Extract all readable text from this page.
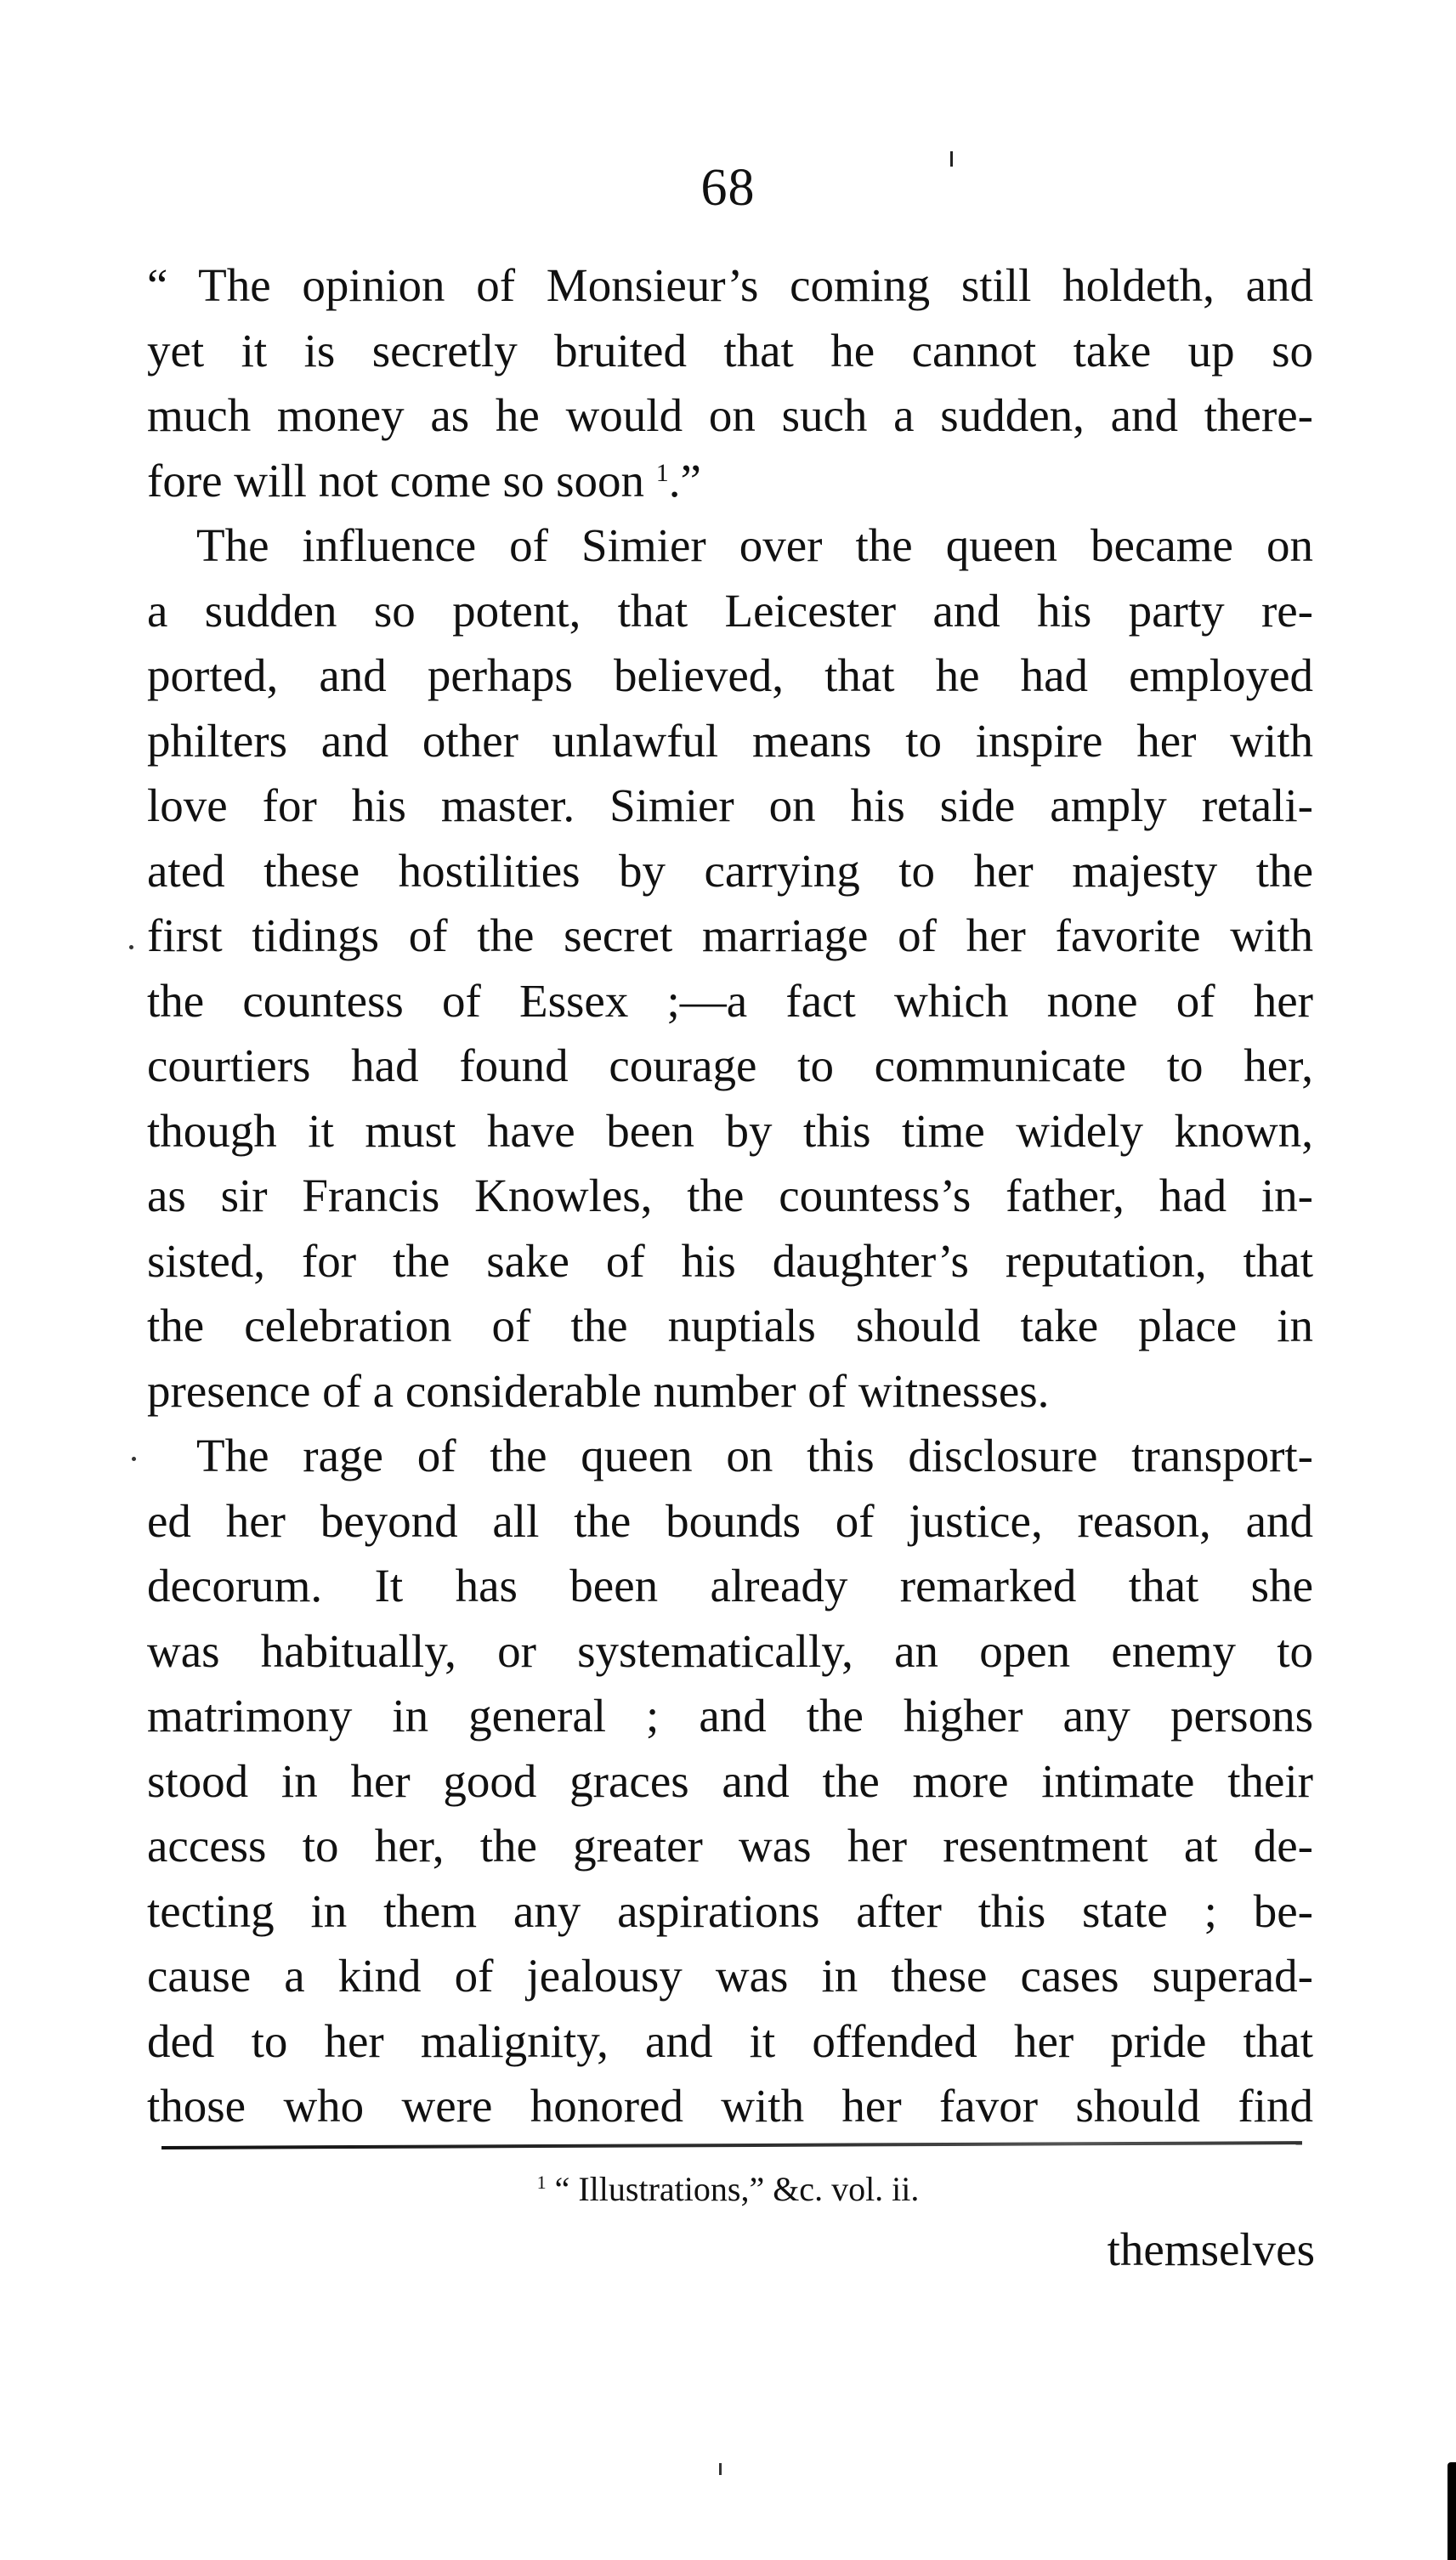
68
“ The opinion of Monsieur’s coming still holdeth, and
yet it is secretly bruited that he cannot take up so
much money as he would on such a sudden, and there-
fore will not come so soon $^1$.”
The influence of Simier over the queen became on
a sudden so potent, that Leicester and his party re-
ported, and perhaps believed, that he had employed
philters and other unlawful means to inspire her with
love for his master. Simier on his side amply retali-
ated these hostilities by carrying to her majesty the
first tidings of the secret marriage of her favorite with
the countess of Essex ;—a fact which none of her
courtiers had found courage to communicate to her,
though it must have been by this time widely known,
as sir Francis Knowles, the countess’s father, had in-
sisted, for the sake of his daughter’s reputation, that
the celebration of the nuptials should take place in
presence of a considerable number of witnesses.
The rage of the queen on this disclosure transport-
ed her beyond all the bounds of justice, reason, and
decorum. It has been already remarked that she
was habitually, or systematically, an open enemy to
matrimony in general ; and the higher any persons
stood in her good graces and the more intimate their
access to her, the greater was her resentment at de-
tecting in them any aspirations after this state ; be-
cause a kind of jealousy was in these cases superad-
ded to her malignity, and it offended her pride that
those who were honored with her favor should find
$^1$ “ Illustrations,” &c. vol. ii.
themselves
